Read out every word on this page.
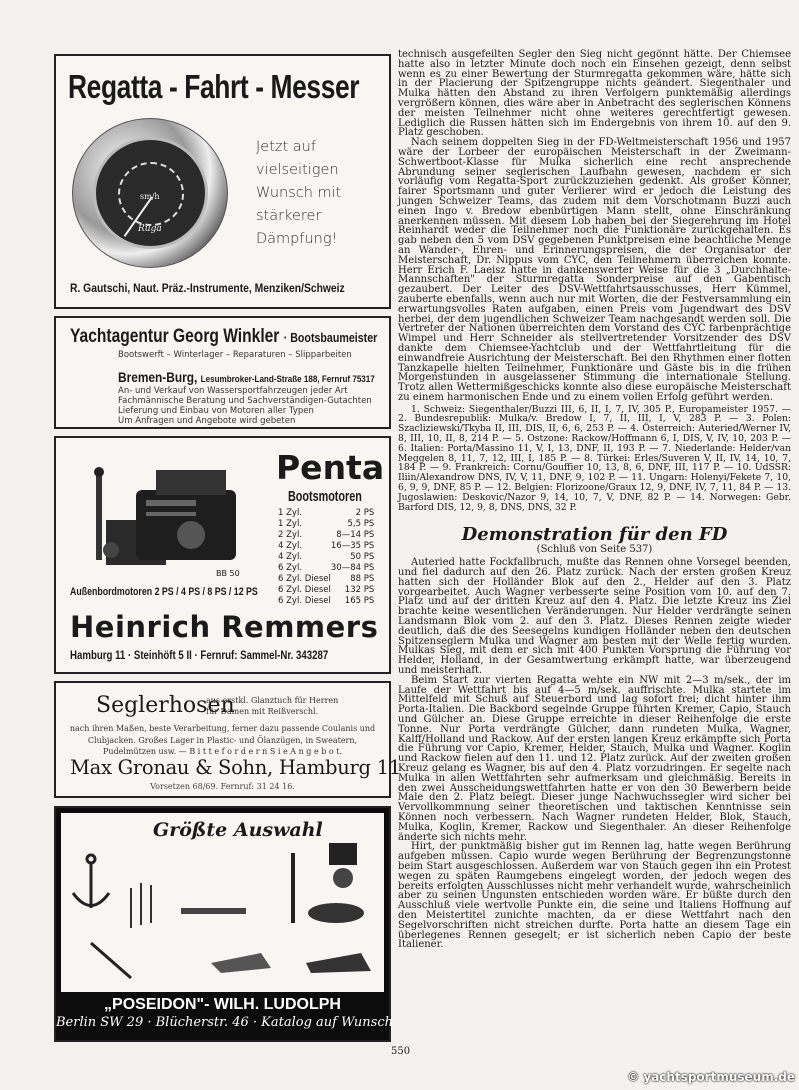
Regatta - Fahrt - Messer
sm/h
Ruga
Jetzt auf
vielseitigen
Wunsch mit
stärkerer
Dämpfung!
R. Gautschi, Naut. Präz.-Instrumente, Menziken/Schweiz
Yachtagentur Georg Winkler · Bootsbaumeister
Bootswerft – Winterlager – Reparaturen – Slipparbeiten
Bremen-Burg, Lesumbroker-Land-Straße 188, Fernruf 75317
An- und Verkauf von Wassersportfahrzeugen jeder Art
Fachmännische Beratung und Sachverständigen-Gutachten
Lieferung und Einbau von Motoren aller Typen
Um Anfragen und Angebote wird gebeten
BB 50
Penta
Bootsmotoren
1 Zyl.	2 PS
1 Zyl.	5,5 PS
2 Zyl.	8—14 PS
4 Zyl.	16—35 PS
4 Zyl.	50 PS
6 Zyl.	30—84 PS
6 Zyl. Diesel	88 PS
6 Zyl. Diesel	132 PS
6 Zyl. Diesel	165 PS
Außenbordmotoren 2 PS / 4 PS / 8 PS / 12 PS
Heinrich Remmers
Hamburg 11 · Steinhöft 5 II · Fernruf: Sammel-Nr. 343287
Seglerhosen
aus erstkl. Glanztuch für Herren
für Damen mit Reißverschl.
nach ihren Maßen, beste Verarbeitung, ferner dazu passende Coulanis und Clubjacken. Großes Lager in Plastic- und Ölanzügen, in Sweatern, Pudelmützen usw. — B i t t e f o r d e r n S i e A n g e b o t.
Max Gronau & Sohn, Hamburg 11
Vorsetzen 68/69. Fernruf: 31 24 16.
Größte Auswahl
„POSEIDON"- WILH. LUDOLPH
Berlin SW 29 · Blücherstr. 46 · Katalog auf Wunsch

technisch ausgefeilten Segler den Sieg nicht gegönnt hätte. Der Chiemsee hatte also in letzter Minute doch noch ein Einsehen gezeigt, denn selbst wenn es zu einer Bewertung der Sturmregatta gekommen wäre, hätte sich in der Placierung der Spitzengruppe nichts geändert. Siegenthaler und Mulka hätten den Abstand zu ihren Verfolgern punktemäßig allerdings vergrößern können, dies wäre aber in Anbetracht des seglerischen Könnens der meisten Teilnehmer nicht ohne weiteres gerechtfertigt gewesen. Lediglich die Russen hätten sich im Endergebnis von ihrem 10. auf den 9. Platz geschoben.

Nach seinem doppelten Sieg in der FD-Weltmeisterschaft 1956 und 1957 wäre der Lorbeer der europäischen Meisterschaft in der Zweimann-Schwertboot-Klasse für Mulka sicherlich eine recht ansprechende Abrundung seiner seglerischen Laufbahn gewesen, nachdem er sich vorläufig vom Regatta-Sport zurückzuziehen gedenkt. Als großer Könner, fairer Sportsmann und guter Verlierer wird er jedoch die Leistung des jungen Schweizer Teams, das zudem mit dem Vorschotmann Buzzi auch einen Ingo v. Bredow ebenbürtigen Mann stellt, ohne Einschränkung anerkennen müssen. Mit diesem Lob haben bei der Siegerehrung im Hotel Reinhardt weder die Teilnehmer noch die Funktionäre zurückgehalten. Es gab neben den 5 vom DSV gegebenen Punktpreisen eine beachtliche Menge an Wander-, Ehren- und Erinnerungspreisen, die der Organisator der Meisterschaft, Dr. Nippus vom CYC, den Teilnehmern überreichen konnte. Herr Erich F. Laeisz hatte in dankenswerter Weise für die 3 „Durchhalte-Mannschaften" der Sturmregatta Sonderpreise auf den Gabentisch gezaubert. Der Leiter des DSV-Wettfahrtsausschusses, Herr Kümmel, zauberte ebenfalls, wenn auch nur mit Worten, die der Festversammlung ein erwartungsvolles Raten aufgaben, einen Preis vom Jugendwart des DSV herbei, der dem jugendlichen Schweizer Team nachgesandt werden soll. Die Vertreter der Nationen überreichten dem Vorstand des CYC farbenprächtige Wimpel und Herr Schneider als stellvertretender Vorsitzender des DSV dankte dem Chiemsee-Yachtclub und der Wettfahrtleitung für die einwandfreie Ausrichtung der Meisterschaft. Bei den Rhythmen einer flotten Tanzkapelle hielten Teilnehmer, Funktionäre und Gäste bis in die frühen Morgenstunden in ausgelassener Stimmung die internationale Stellung. Trotz allen Wettermißgeschicks konnte also diese europäische Meisterschaft zu einem harmonischen Ende und zu einem vollen Erfolg geführt werden.

1. Schweiz: Siegenthaler/Buzzi III, 6, II, I, 7, IV, 305 P., Europameister 1957. — 2. Bundesrepublik: Mulka/v. Bredow I, 7, II, III, I, V, 283 P. — 3. Polen: Szacliziewski/Tkyba II, III, DIS, II, 6, 6, 253 P. — 4. Österreich: Auteried/Werner IV, 8, III, 10, II, 8, 214 P. — 5. Ostzone: Rackow/Hoffmann 6, I, DIS, V, IV, 10, 203 P. — 6. Italien: Porta/Massino 11, V, I, 13, DNF, II, 193 P. — 7. Niederlande: Helder/van Meggelen 8, 11, 7, 12, III, I, 185 P. — 8. Türkei: Erles/Suveren V, II, IV, 14, 10, 7, 184 P. — 9. Frankreich: Cornu/Gouffier 10, 13, 8, 6, DNF, III, 117 P. — 10. UdSSR: Iliin/Alexandrow DNS, IV, V, 11, DNF, 9, 102 P. — 11. Ungarn: Holenyi/Fekete 7, 10, 6, 9, 9, DNF, 85 P. — 12. Belgien: Florizoone/Graux 12, 9, DNF, IV, 7, 11, 84 P. — 13. Jugoslawien: Deskovic/Nazor 9, 14, 10, 7, V, DNF, 82 P. — 14. Norwegen: Gebr. Barford DIS, 12, 9, 8, DNS, DNS, 32 P.

Demonstration für den FD

(Schluß von Seite 537)

Auteried hatte Fockfallbruch, mußte das Rennen ohne Vorsegel beenden, und fiel dadurch auf den 26. Platz zurück. Nach der ersten großen Kreuz hatten sich der Holländer Blok auf den 2., Helder auf den 3. Platz vorgearbeitet. Auch Wagner verbesserte seine Position vom 10. auf den 7. Platz und auf der dritten Kreuz auf den 4. Platz. Die letzte Kreuz ins Ziel brachte keine wesentlichen Veränderungen. Nur Helder verdrängte seinen Landsmann Blok vom 2. auf den 3. Platz. Dieses Rennen zeigte wieder deutlich, daß die des Seesegelns kundigen Holländer neben den deutschen Spitzenseglern Mulka und Wagner am besten mit der Welle fertig wurden. Mulkas Sieg, mit dem er sich mit 400 Punkten Vorsprung die Führung vor Helder, Holland, in der Gesamtwertung erkämpft hatte, war überzeugend und meisterhaft.

Beim Start zur vierten Regatta wehte ein NW mit 2—3 m/sek., der im Laufe der Wettfahrt bis auf 4—5 m/sek. auffrischte. Mulka startete im Mittelfeld mit Schuß auf Steuerbord und lag sofort frei; dicht hinter ihm Porta-Italien. Die Backbord segelnde Gruppe führten Kremer, Capio, Stauch und Gülcher an. Diese Gruppe erreichte in dieser Reihenfolge die erste Tonne. Nur Porta verdrängte Gülcher, dann rundeten Mulka, Wagner, Kalff/Holland und Rackow. Auf der ersten langen Kreuz erkämpfte sich Porta die Führung vor Capio, Kremer, Helder, Stauch, Mulka und Wagner. Koglin und Rackow fielen auf den 11. und 12. Platz zurück. Auf der zweiten großen Kreuz gelang es Wagner, bis auf den 4. Platz vorzudringen. Er segelte nach Mulka in allen Wettfahrten sehr aufmerksam und gleichmäßig. Bereits in den zwei Ausscheidungswettfahrten hatte er von den 30 Bewerbern beide Male den 2. Platz belegt. Dieser junge Nachwuchssegler wird sicher bei Vervollkommnung seiner theoretischen und taktischen Kenntnisse sein Können noch verbessern. Nach Wagner rundeten Helder, Blok, Stauch, Mulka, Koglin, Kremer, Rackow und Siegenthaler. An dieser Reihenfolge änderte sich nichts mehr.

Hirt, der punktmäßig bisher gut im Rennen lag, hatte wegen Berührung aufgeben müssen. Capio wurde wegen Berührung der Begrenzungstonne beim Start ausgeschlossen. Außerdem war von Stauch gegen ihn ein Protest wegen zu späten Raumgebens eingelegt worden, der jedoch wegen des bereits erfolgten Ausschlusses nicht mehr verhandelt wurde, wahrscheinlich aber zu seinen Ungunsten entschieden worden wäre. Er büßte durch den Ausschluß viele wertvolle Punkte ein, die seine und Italiens Hoffnung auf den Meistertitel zunichte machten, da er diese Wettfahrt nach den Segelvorschriften nicht streichen durfte. Porta hatte an diesem Tage ein überlegenes Rennen gesegelt; er ist sicherlich neben Capio der beste Italiener.

550
© yachtsportmuseum.de
